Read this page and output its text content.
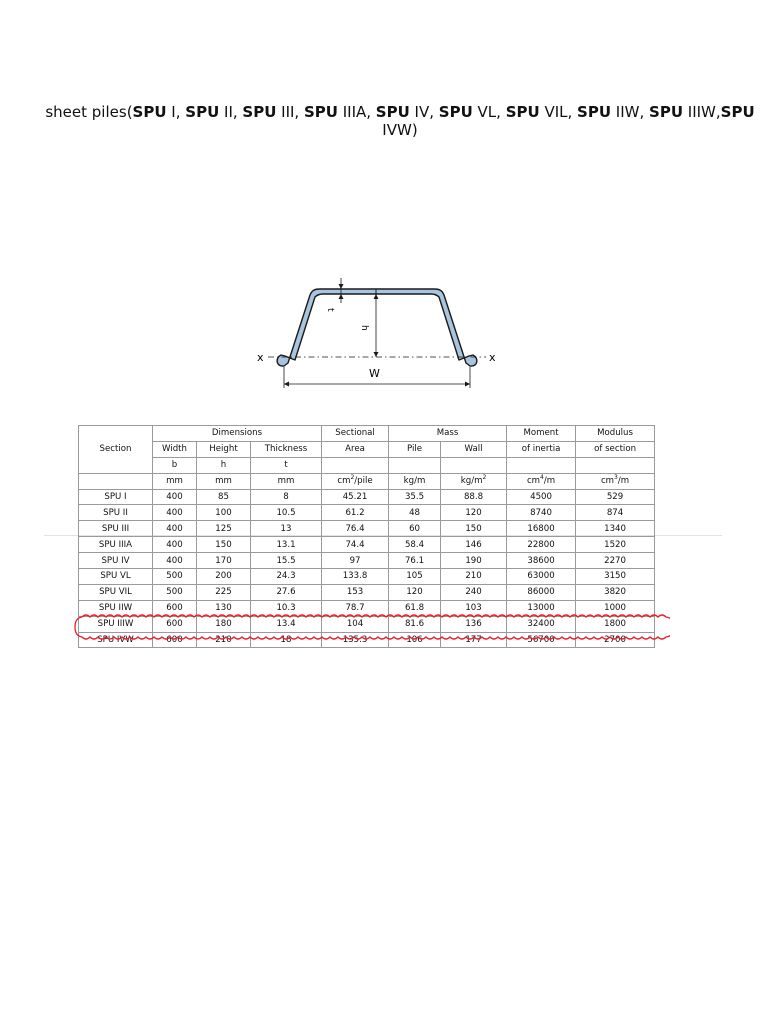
sheet piles(SPU I, SPU II, SPU III, SPU IIIA, SPU IV, SPU VL, SPU VIL, SPU IIW, SPU IIIW,SPU IVW)
x	x
h
t
W
Section	Dimensions			Sectional	Mass		Moment	Modulus
	Width	Height	Thickness	Area	Pile	Wall	of inertia	of section
	b	h	t					
	mm	mm	mm	$cm^2$/pile	kg/m	$kg/m^2$	$cm^4/m$	$cm^3/m$
SPU I	400	85	8	45.21	35.5	88.8	4500	529
SPU II	400	100	10.5	61.2	48	120	8740	874
SPU III	400	125	13	76.4	60	150	16800	1340
SPU IIIA	400	150	13.1	74.4	58.4	146	22800	1520
SPU IV	400	170	15.5	97	76.1	190	38600	2270
SPU VL	500	200	24.3	133.8	105	210	63000	3150
SPU VIL	500	225	27.6	153	120	240	86000	3820
SPU IIW	600	130	10.3	78.7	61.8	103	13000	1000
SPU IIIW	600	180	13.4	104	81.6	136	32400	1800
SPU IVW	600	210	18	135.3	106	177	56700	2700
